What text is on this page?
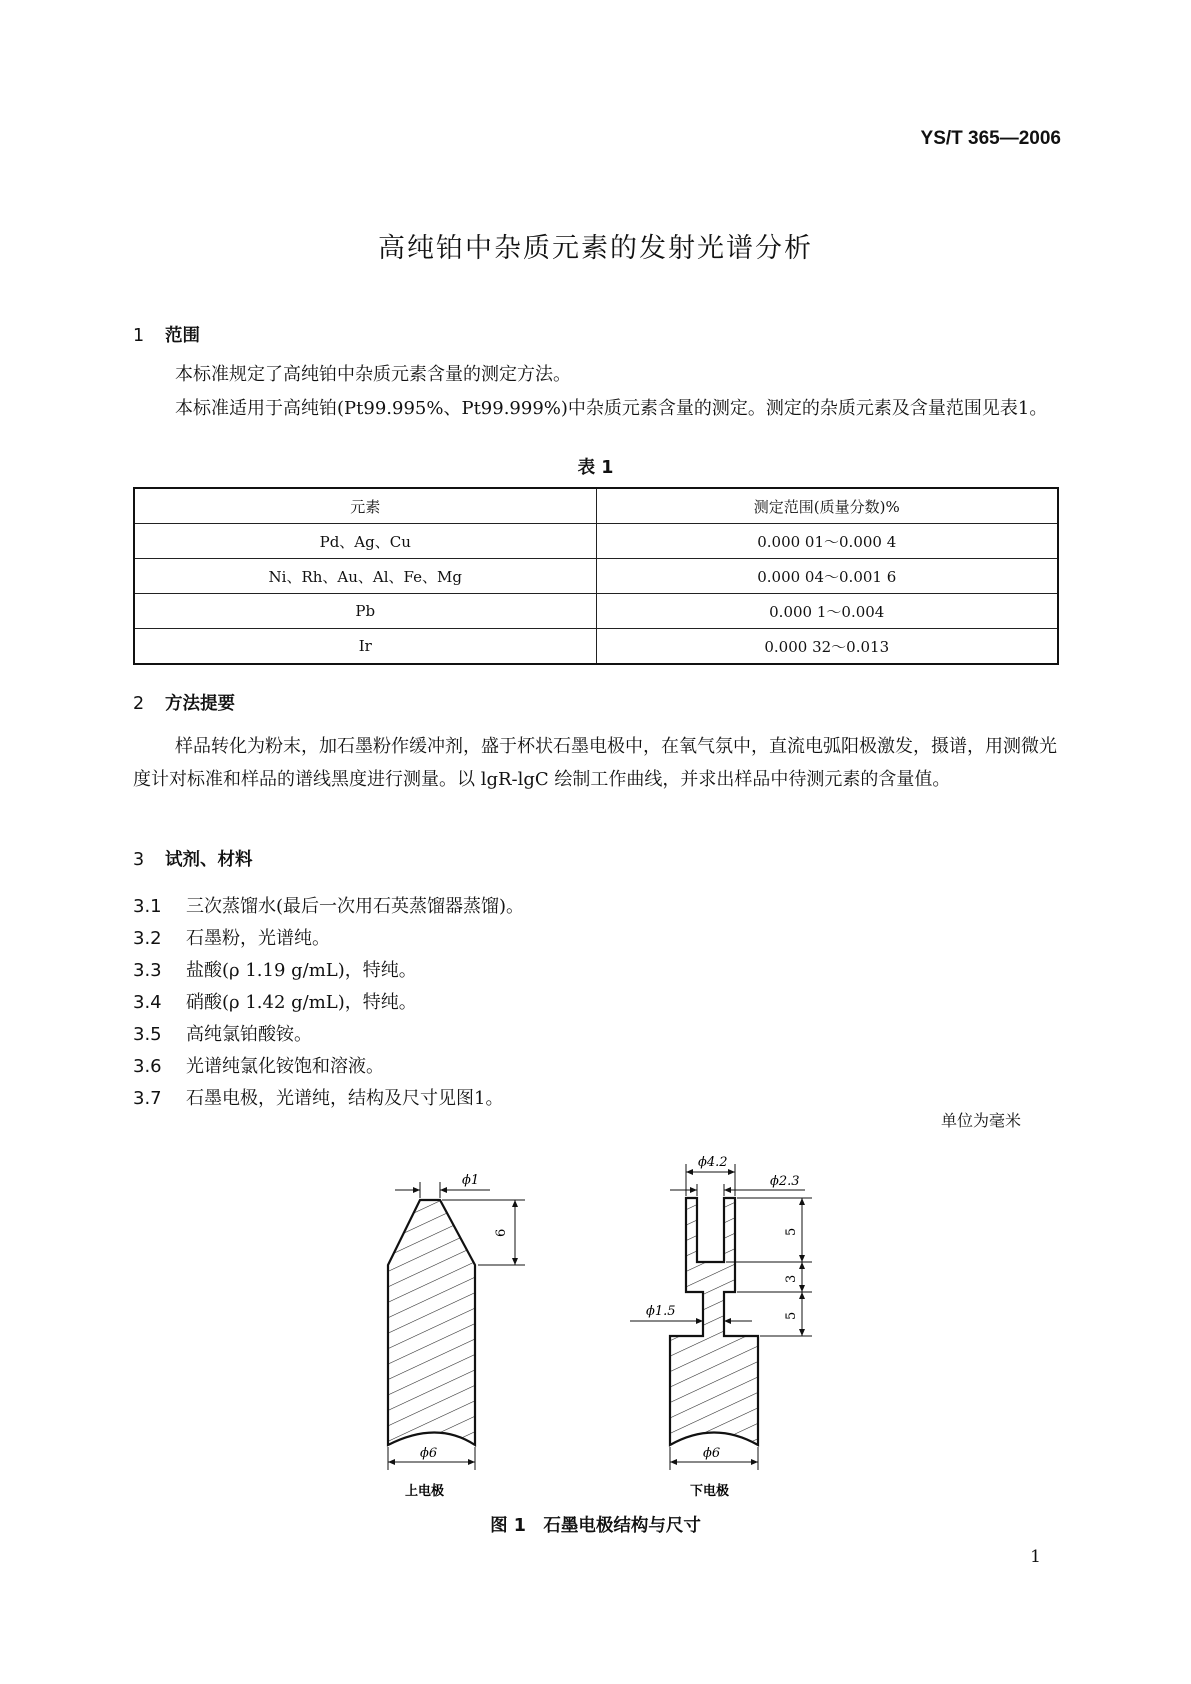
YS/T 365—2006
高纯铂中杂质元素的发射光谱分析
1 范围
本标准规定了高纯铂中杂质元素含量的测定方法。
本标准适用于高纯铂(Pt99.995%、Pt99.999%)中杂质元素含量的测定。测定的杂质元素及含量范围见表1。
表 1
元素	测定范围(质量分数)%
Pd、Ag、Cu	0.000 01～0.000 4
Ni、Rh、Au、Al、Fe、Mg	0.000 04～0.001 6
Pb	0.000 1～0.004
Ir	0.000 32～0.013
2 方法提要
样品转化为粉末，加石墨粉作缓冲剂，盛于杯状石墨电极中，在氧气氛中，直流电弧阳极激发，摄谱，用测微光度计对标准和样品的谱线黑度进行测量。以 lgR-lgC 绘制工作曲线，并求出样品中待测元素的含量值。
3 试剂、材料
3.1 三次蒸馏水(最后一次用石英蒸馏器蒸馏)。
3.2 石墨粉，光谱纯。
3.3 盐酸(ρ 1.19 g/mL)，特纯。
3.4 硝酸(ρ 1.42 g/mL)，特纯。
3.5 高纯氯铂酸铵。
3.6 光谱纯氯化铵饱和溶液。
3.7 石墨电极，光谱纯，结构及尺寸见图1。
单位为毫米
ϕ1
6
ϕ6
上电极
ϕ4.2
ϕ2.3
5
3
5
ϕ1.5
ϕ6
下电极
图 1　石墨电极结构与尺寸
1
